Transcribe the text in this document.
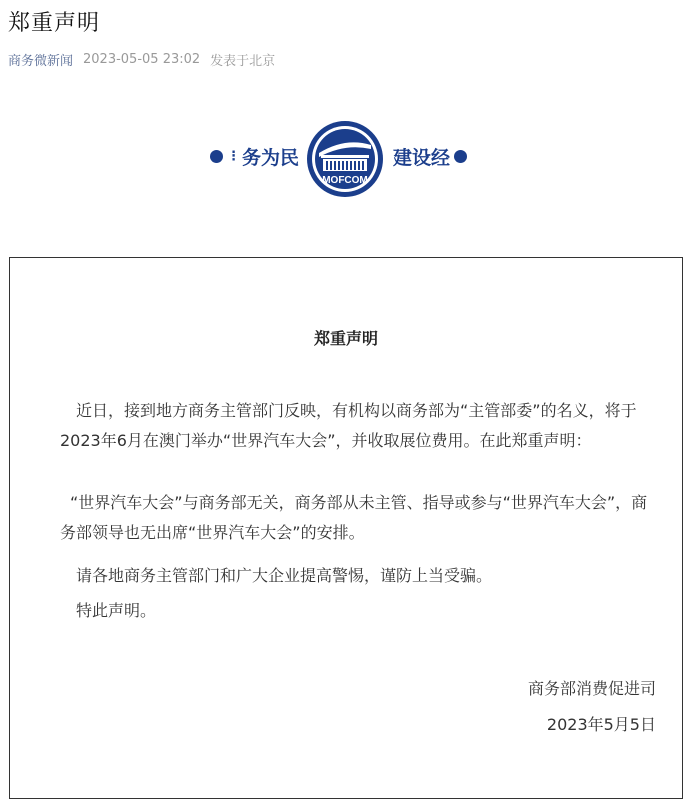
郑重声明
商务微新闻 2023-05-05 23:02 发表于北京
⋮ 务为民
MOFCOM
建设经
郑重声明

近日，接到地方商务主管部门反映，有机构以商务部为“主管部委”的名义，将于2023年6月在澳门举办“世界汽车大会”，并收取展位费用。在此郑重声明：

“世界汽车大会”与商务部无关，商务部从未主管、指导或参与“世界汽车大会”，商务部领导也无出席“世界汽车大会”的安排。

请各地商务主管部门和广大企业提高警惕，谨防上当受骗。

特此声明。

商务部消费促进司
2023年5月5日
